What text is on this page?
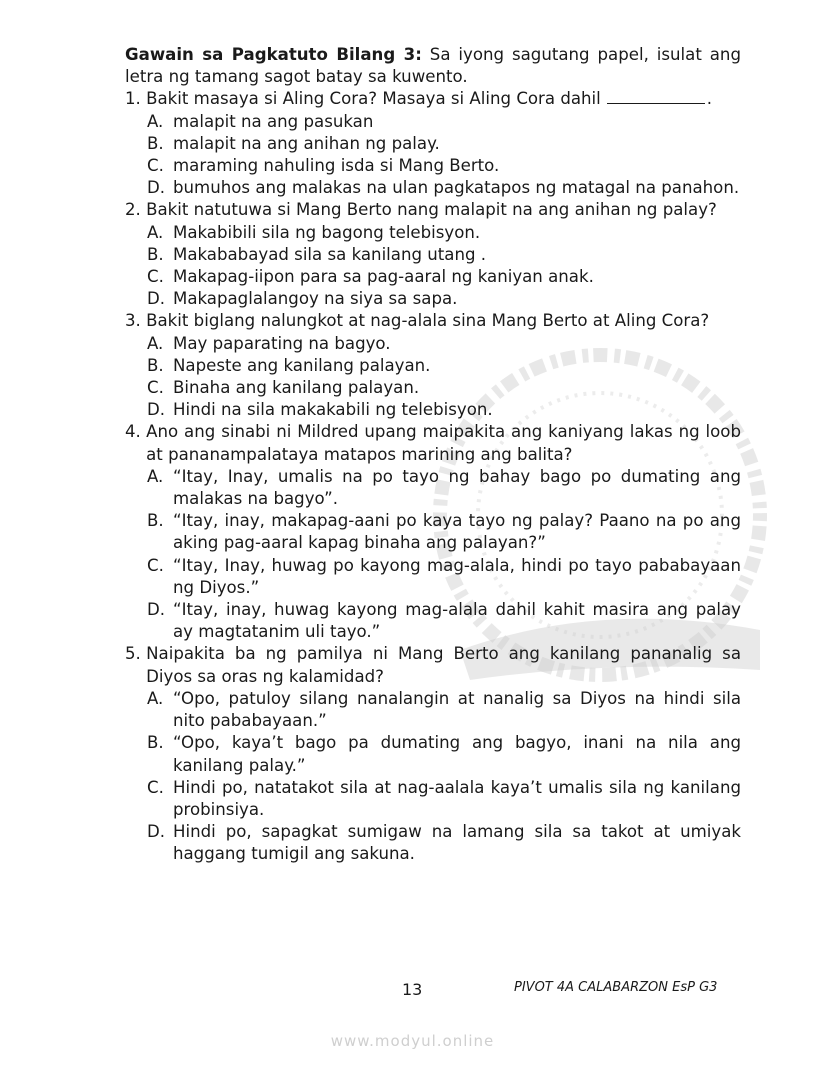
Gawain sa Pagkatuto Bilang 3: Sa iyong sagutang papel, isulat ang letra ng tamang sagot batay sa kuwento.

1.
Bakit masaya si Aling Cora? Masaya si Aling Cora dahil	.
A. malapit na ang pasukan
B. malapit na ang anihan ng palay.
C. maraming nahuling isda si Mang Berto.
D. bumuhos ang malakas na ulan pagkatapos ng matagal na panahon.
2.
Bakit natutuwa si Mang Berto nang malapit na ang anihan ng palay?
A. Makabibili sila ng bagong telebisyon.
B. Makababayad sila sa kanilang utang .
C. Makapag-iipon para sa pag-aaral ng kaniyan anak.
D. Makapaglalangoy na siya sa sapa.
3.
Bakit biglang nalungkot at nag-alala sina Mang Berto at Aling Cora?
A. May paparating na bagyo.
B. Napeste ang kanilang palayan.
C. Binaha ang kanilang palayan.
D. Hindi na sila makakabili ng telebisyon.
4.
Ano ang sinabi ni Mildred upang maipakita ang kaniyang lakas ng loob at pananampalataya matapos marining ang balita?
A. “Itay, Inay, umalis na po tayo ng bahay bago po dumating ang malakas na bagyo”.
B. “Itay, inay, makapag-aani po kaya tayo ng palay? Paano na po ang aking pag-aaral kapag binaha ang palayan?”
C. “Itay, Inay, huwag po kayong mag-alala, hindi po tayo pababayaan ng Diyos.”
D. “Itay, inay, huwag kayong mag-alala dahil kahit masira ang palay ay magtatanim uli tayo.”
5.
Naipakita ba ng pamilya ni Mang Berto ang kanilang pananalig sa Diyos sa oras ng kalamidad?
A. “Opo, patuloy silang nanalangin at nanalig sa Diyos na hindi sila nito pababayaan.”
B. “Opo, kaya’t bago pa dumating ang bagyo, inani na nila ang kanilang palay.”
C. Hindi po, natatakot sila at nag-aalala kaya’t umalis sila ng kanilang probinsiya.
D. Hindi po, sapagkat sumigaw na lamang sila sa takot at umiyak haggang tumigil ang sakuna.
13	PIVOT 4A CALABARZON EsP G3
www.modyul.online
